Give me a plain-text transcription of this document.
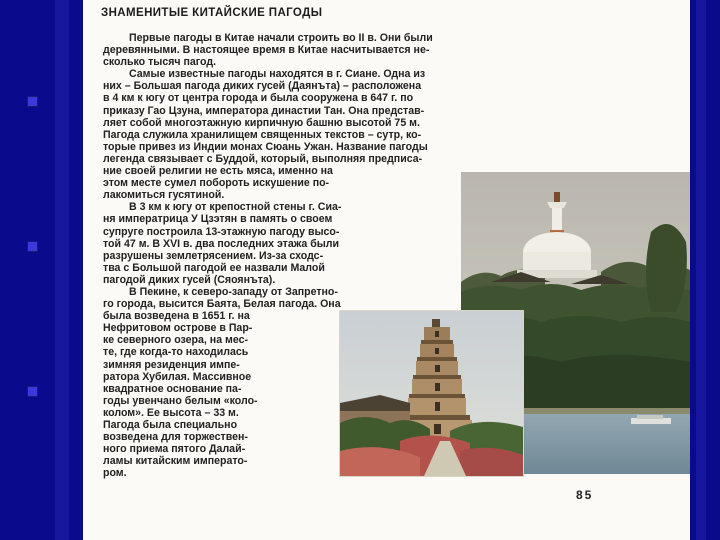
ЗНАМЕНИТЫЕ КИТАЙСКИЕ ПАГОДЫ
Первые пагоды в Китае начали строить во II в. Они были
деревянными. В настоящее время в Китае насчитывается не-
сколько тысяч пагод.
Самые известные пагоды находятся в г. Сиане. Одна из
них – Большая пагода диких гусей (Даянъта) – расположена
в 4 км к югу от центра города и была сооружена в 647 г. по
приказу Гао Цзуна, императора династии Тан. Она представ-
ляет собой многоэтажную кирпичную башню высотой 75 м.
Пагода служила хранилищем священных текстов – сутр, ко-
торые привез из Индии монах Сюань Ужан. Название пагоды
легенда связывает с Буддой, который, выполняя предписа-
ние своей религии не есть мяса, именно на
этом месте сумел побороть искушение по-
лакомиться гусятиной.
В 3 км к югу от крепостной стены г. Сиа-
ня императрица У Цзэтян в память о своем
супруге построила 13-этажную пагоду высо-
той 47 м. В XVI в. два последних этажа были
разрушены землетрясением. Из-за сходс-
тва с Большой пагодой ее назвали Малой
пагодой диких гусей (Сяоянъта).
В Пекине, к северо-западу от Запретно-
го города, высится Баята, Белая пагода. Она
была возведена в 1651 г. на
Нефритовом острове в Пар-
ке северного озера, на мес-
те, где когда-то находилась
зимняя резиденция импе-
ратора Хубилая. Массивное
квадратное основание па-
годы увенчано белым «коло-
колом». Ее высота – 33 м.
Пагода была специально
возведена для торжествен-
ного приема пятого Далай-
ламы китайским императо-
ром.
85
